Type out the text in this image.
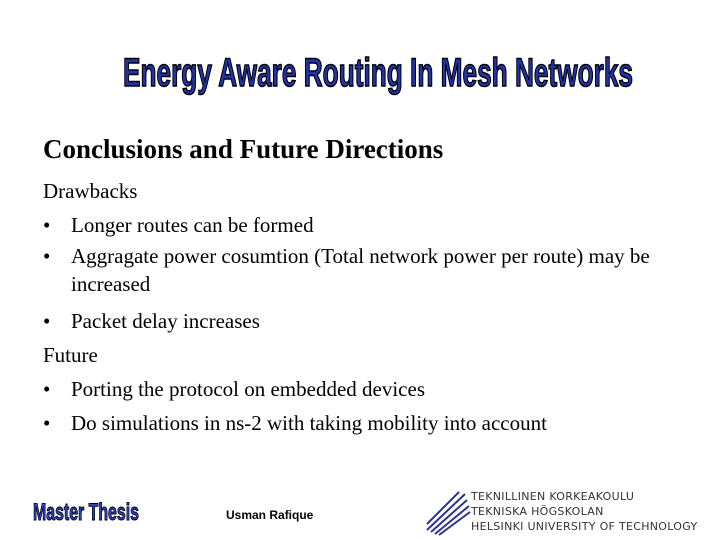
Energy Aware Routing In Mesh Networks
Conclusions and Future Directions
Drawbacks
• Longer routes can be formed
• Aggragate power cosumtion (Total network power per route) may be increased
• Packet delay increases
Future
• Porting the protocol on embedded devices
• Do simulations in ns-2 with taking mobility into account
Master Thesis	Usman Rafique
TEKNILLINEN KORKEAKOULU
TEKNISKA HÖGSKOLAN
HELSINKI UNIVERSITY OF TECHNOLOGY
